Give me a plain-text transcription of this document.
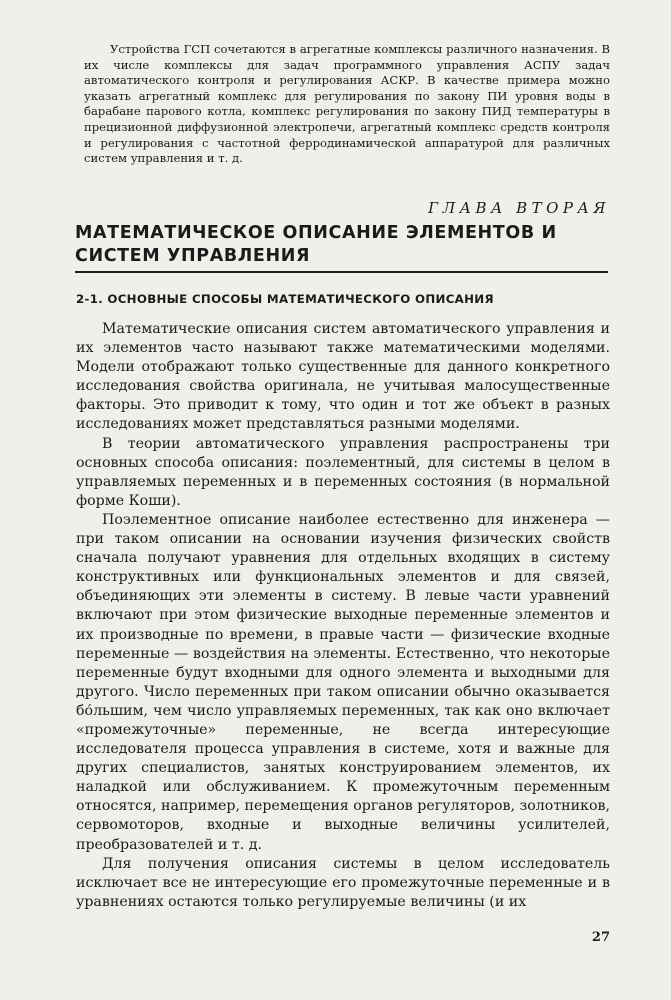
Устройства ГСП сочетаются в агрегатные комплексы различного назначения. В их числе комплексы для задач программного управления АСПУ задач автоматического контроля и регулирования АСКР. В качестве примера можно указать агрегатный комплекс для регулирования по закону ПИ уровня воды в барабане парового котла, комплекс регулирования по закону ПИД температуры в прецизионной диффузионной электропечи, агрегатный комплекс средств контроля и регулирования с частотной ферродинамической аппаратурой для различных систем управления и т. д.

ГЛАВА ВТОРАЯ
МАТЕМАТИЧЕСКОЕ ОПИСАНИЕ ЭЛЕМЕНТОВ И СИСТЕМ УПРАВЛЕНИЯ
2-1. ОСНОВНЫЕ СПОСОБЫ МАТЕМАТИЧЕСКОГО ОПИСАНИЯ

Математические описания систем автоматического управления и их элементов часто называют также математическими моделями. Модели отображают только существенные для данного конкретного исследования свойства оригинала, не учитывая малосущественные факторы. Это приводит к тому, что один и тот же объект в разных исследованиях может представляться разными моделями.

В теории автоматического управления распространены три основных способа описания: поэлементный, для системы в целом в управляемых переменных и в переменных состояния (в нормальной форме Коши).

Поэлементное описание наиболее естественно для инженера — при таком описании на основании изучения физических свойств сначала получают уравнения для отдельных входящих в систему конструктивных или функциональных элементов и для связей, объединяющих эти элементы в систему. В левые части уравнений включают при этом физические выходные переменные элементов и их производные по времени, в правые части — физические входные переменные — воздействия на элементы. Естественно, что некоторые переменные будут входными для одного элемента и выходными для другого. Число переменных при таком описании обычно оказывается бо́льшим, чем число управляемых переменных, так как оно включает «промежуточные» переменные, не всегда интересующие исследователя процесса управления в системе, хотя и важные для других специалистов, занятых конструированием элементов, их наладкой или обслуживанием. К промежуточным переменным относятся, например, перемещения органов регуляторов, золотников, сервомоторов, входные и выходные величины усилителей, преобразователей и т. д.

Для получения описания системы в целом исследователь исключает все не интересующие его промежуточные переменные и в уравнениях остаются только регулируемые величины (и их

27
